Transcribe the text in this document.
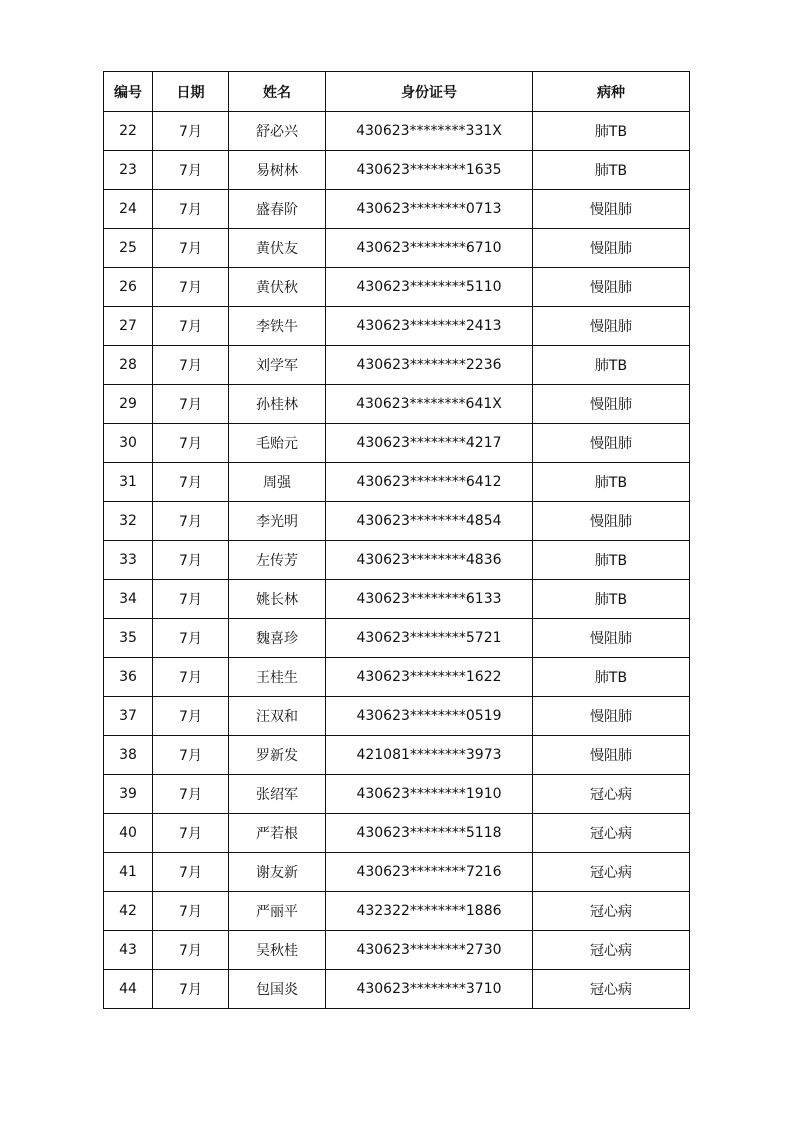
编号	日期	姓名	身份证号	病种
22	7月	舒必兴	430623********331X	肺TB
23	7月	易树林	430623********1635	肺TB
24	7月	盛春阶	430623********0713	慢阻肺
25	7月	黄伏友	430623********6710	慢阻肺
26	7月	黄伏秋	430623********5110	慢阻肺
27	7月	李铁牛	430623********2413	慢阻肺
28	7月	刘学军	430623********2236	肺TB
29	7月	孙桂林	430623********641X	慢阻肺
30	7月	毛贻元	430623********4217	慢阻肺
31	7月	周强	430623********6412	肺TB
32	7月	李光明	430623********4854	慢阻肺
33	7月	左传芳	430623********4836	肺TB
34	7月	姚长林	430623********6133	肺TB
35	7月	魏喜珍	430623********5721	慢阻肺
36	7月	王桂生	430623********1622	肺TB
37	7月	汪双和	430623********0519	慢阻肺
38	7月	罗新发	421081********3973	慢阻肺
39	7月	张绍军	430623********1910	冠心病
40	7月	严若根	430623********5118	冠心病
41	7月	谢友新	430623********7216	冠心病
42	7月	严丽平	432322********1886	冠心病
43	7月	吴秋桂	430623********2730	冠心病
44	7月	包国炎	430623********3710	冠心病
